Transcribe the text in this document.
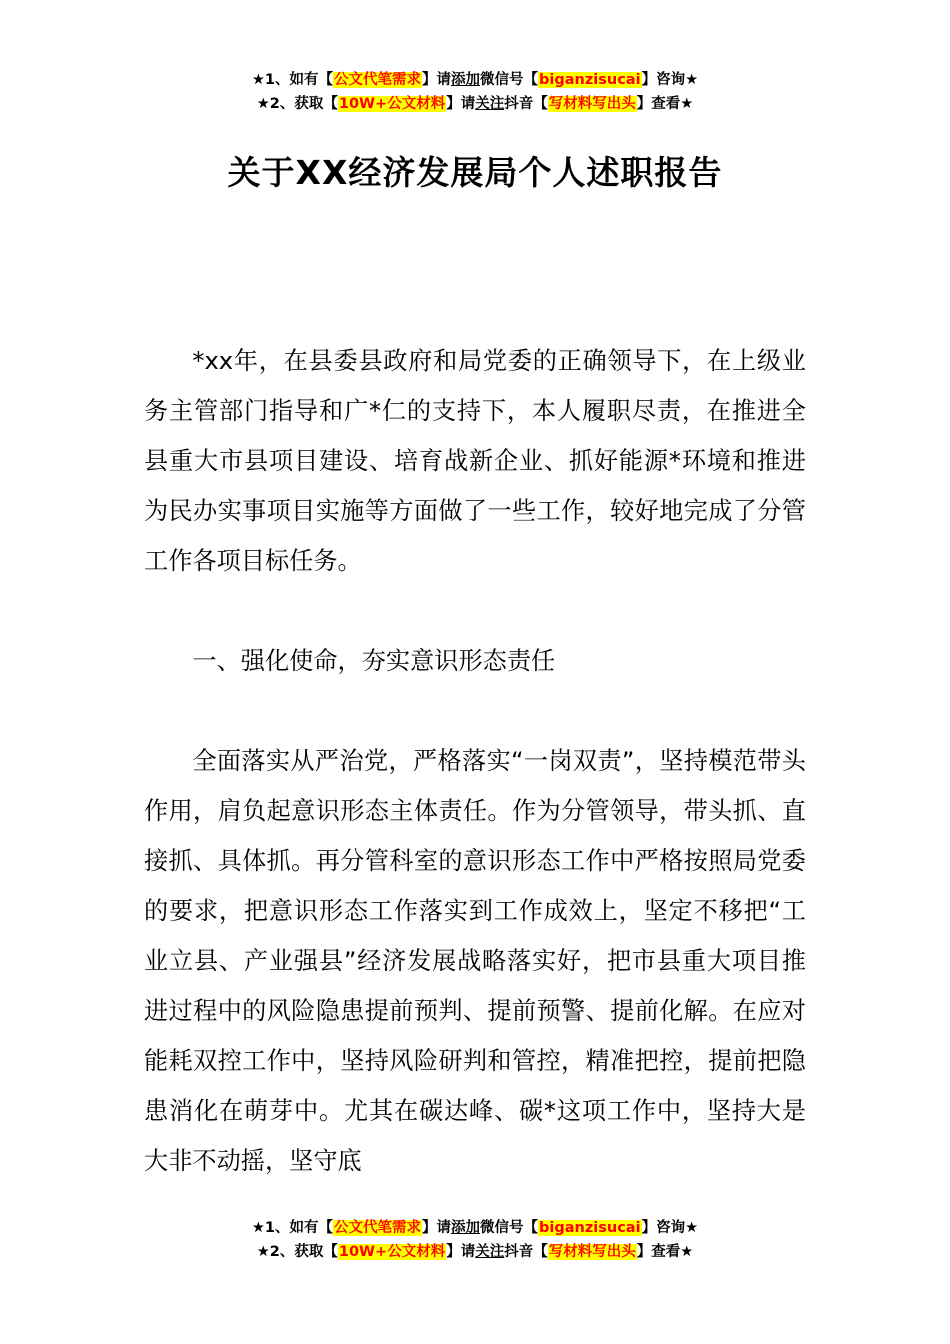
★1、如有【公文代笔需求】请添加微信号【biganzisucai】咨询★
★2、获取【10W+公文材料】请关注抖音【写材料写出头】查看★
关于XX经济发展局个人述职报告

*xx年，在县委县政府和局党委的正确领导下，在上级业务主管部门指导和广*仁的支持下，本人履职尽责，在推进全县重大市县项目建设、培育战新企业、抓好能源*环境和推进为民办实事项目实施等方面做了一些工作，较好地完成了分管工作各项目标任务。

一、强化使命，夯实意识形态责任

全面落实从严治党，严格落实“一岗双责”，坚持模范带头作用，肩负起意识形态主体责任。作为分管领导，带头抓、直接抓、具体抓。再分管科室的意识形态工作中严格按照局党委的要求，把意识形态工作落实到工作成效上，坚定不移把“工业立县、产业强县”经济发展战略落实好，把市县重大项目推进过程中的风险隐患提前预判、提前预警、提前化解。在应对能耗双控工作中，坚持风险研判和管控，精准把控，提前把隐患消化在萌芽中。尤其在碳达峰、碳*这项工作中，坚持大是大非不动摇，坚守底

★1、如有【公文代笔需求】请添加微信号【biganzisucai】咨询★
★2、获取【10W+公文材料】请关注抖音【写材料写出头】查看★
